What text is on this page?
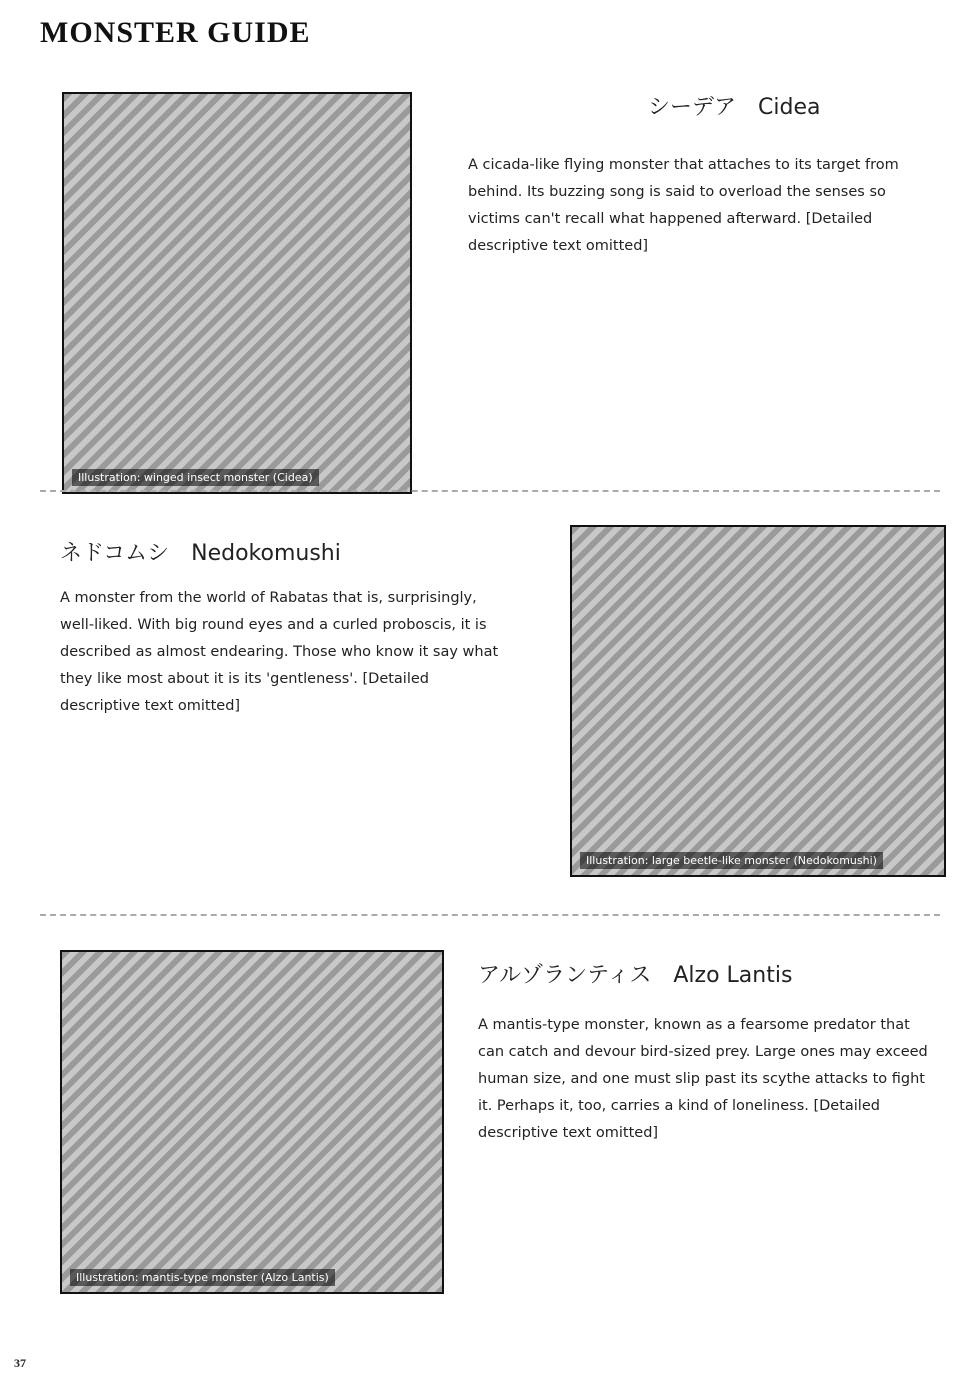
MONSTER GUIDE
Illustration: winged insect monster (Cidea)
シーデア　Cidea
A cicada-like flying monster that attaches to its target from behind. Its buzzing song is said to overload the senses so victims can't recall what happened afterward. [Detailed descriptive text omitted]
ネドコムシ　Nedokomushi
A monster from the world of Rabatas that is, surprisingly, well-liked. With big round eyes and a curled proboscis, it is described as almost endearing. Those who know it say what they like most about it is its 'gentleness'. [Detailed descriptive text omitted]
Illustration: large beetle-like monster (Nedokomushi)
Illustration: mantis-type monster (Alzo Lantis)
アルゾランティス　Alzo Lantis
A mantis-type monster, known as a fearsome predator that can catch and devour bird-sized prey. Large ones may exceed human size, and one must slip past its scythe attacks to fight it. Perhaps it, too, carries a kind of loneliness. [Detailed descriptive text omitted]
37
